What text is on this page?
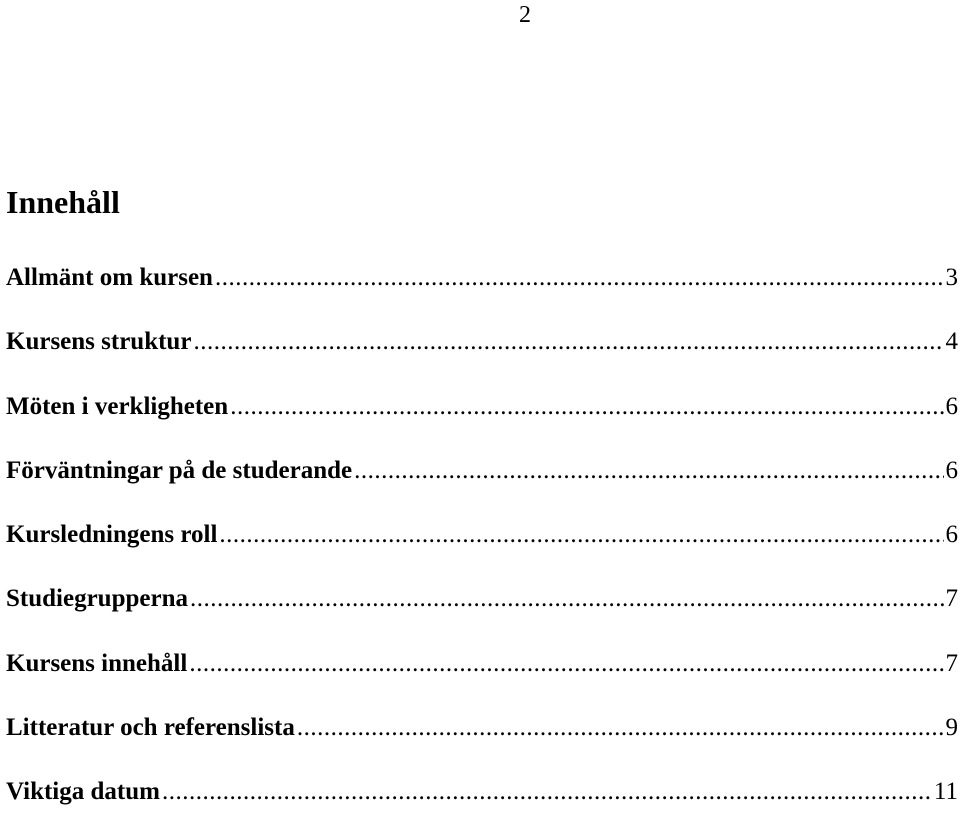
2
Innehåll
Allmänt om kursen .....	3
Kursens struktur .....	4
Möten i verkligheten .....	6
Förväntningar på de studerande .....	6
Kursledningens roll .....	6
Studiegrupperna .....	7
Kursens innehåll .....	7
Litteratur och referenslista .....	9
Viktiga datum .....	11
